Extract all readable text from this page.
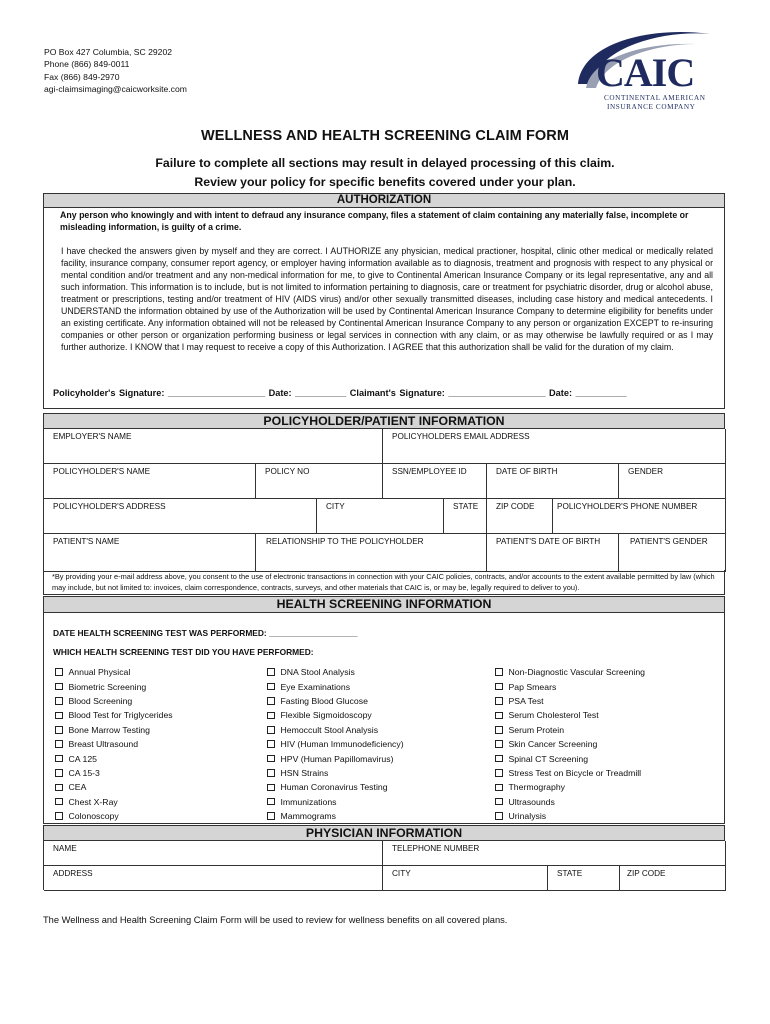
PO Box 427 Columbia, SC 29202
Phone (866) 849-0011
Fax (866) 849-2970
agi-claimsimaging@caicworksite.com	CAIC
CONTINENTAL AMERICAN
INSURANCE COMPANY
WELLNESS AND HEALTH SCREENING CLAIM FORM
Failure to complete all sections may result in delayed processing of this claim.
Review your policy for specific benefits covered under your plan.
AUTHORIZATION
Any person who knowingly and with intent to defraud any insurance company, files a statement of claim containing any materially false, incomplete or misleading information, is guilty of a crime.
I have checked the answers given by myself and they are correct. I AUTHORIZE any physician, medical practioner, hospital, clinic other medical or medically related facility, insurance company, consumer report agency, or employer having information available as to diagnosis, treatment and prognosis with respect to any physical or mental condition and/or treatment and any non-medical information for me, to give to Continental American Insurance Company or its legal representative, any and all such information. This information is to include, but is not limited to information pertaining to diagnosis, care or treatment for psychiatric disorder, drug or alcohol abuse, treatment or prescriptions, testing and/or treatment of HIV (AIDS virus) and/or other sexually transmitted diseases, including case history and medical antecedents. I UNDERSTAND the information obtained by use of the Authorization will be used by Continental American Insurance Company to determine eligibility for benefits under an existing certificate. Any information obtained will not be released by Continental American Insurance Company to any person or organization EXCEPT to re-insuring companies or other person or organization performing business or legal services in connection with any claim, or as may otherwise be lawfully required or as I may further authorize. I KNOW that I may request to receive a copy of this Authorization. I AGREE that this authorization shall be valid for the duration of my claim.
Policyholder's Signature: ___________________ Date: __________ Claimant's Signature: ___________________ Date: __________
POLICYHOLDER/PATIENT INFORMATION
EMPLOYER'S NAME	POLICYHOLDERS EMAIL ADDRESS
POLICYHOLDER'S NAME	POLICY NO	SSN/EMPLOYEE ID	DATE OF BIRTH	GENDER
POLICYHOLDER'S ADDRESS	CITY	STATE	ZIP CODE	POLICYHOLDER'S PHONE NUMBER
PATIENT'S NAME	RELATIONSHIP TO THE POLICYHOLDER	PATIENT'S DATE OF BIRTH	PATIENT'S GENDER
*By providing your e-mail address above, you consent to the use of electronic transactions in connection with your CAIC policies, contracts, and/or accounts to the extent available permitted by law (which may include, but not limited to: invoices, claim correspondence, contracts, surveys, and other materials that CAIC is, or may be, legally required to deliver to you).
HEALTH SCREENING INFORMATION
DATE HEALTH SCREENING TEST WAS PERFORMED: ___________________
WHICH HEALTH SCREENING TEST DID YOU HAVE PERFORMED:
Annual Physical
Biometric Screening
Blood Screening
Blood Test for Triglycerides
Bone Marrow Testing
Breast Ultrasound
CA 125
CA 15-3
CEA
Chest X-Ray
Colonoscopy
DNA Stool Analysis
Eye Examinations
Fasting Blood Glucose
Flexible Sigmoidoscopy
Hemoccult Stool Analysis
HIV (Human Immunodeficiency)
HPV (Human Papillomavirus)
HSN Strains
Human Coronavirus Testing
Immunizations
Mammograms
Non-Diagnostic Vascular Screening
Pap Smears
PSA Test
Serum Cholesterol Test
Serum Protein
Skin Cancer Screening
Spinal CT Screening
Stress Test on Bicycle or Treadmill
Thermography
Ultrasounds
Urinalysis
PHYSICIAN INFORMATION
NAME	TELEPHONE NUMBER
ADDRESS	CITY	STATE	ZIP CODE
The Wellness and Health Screening Claim Form will be used to review for wellness benefits on all covered plans.
